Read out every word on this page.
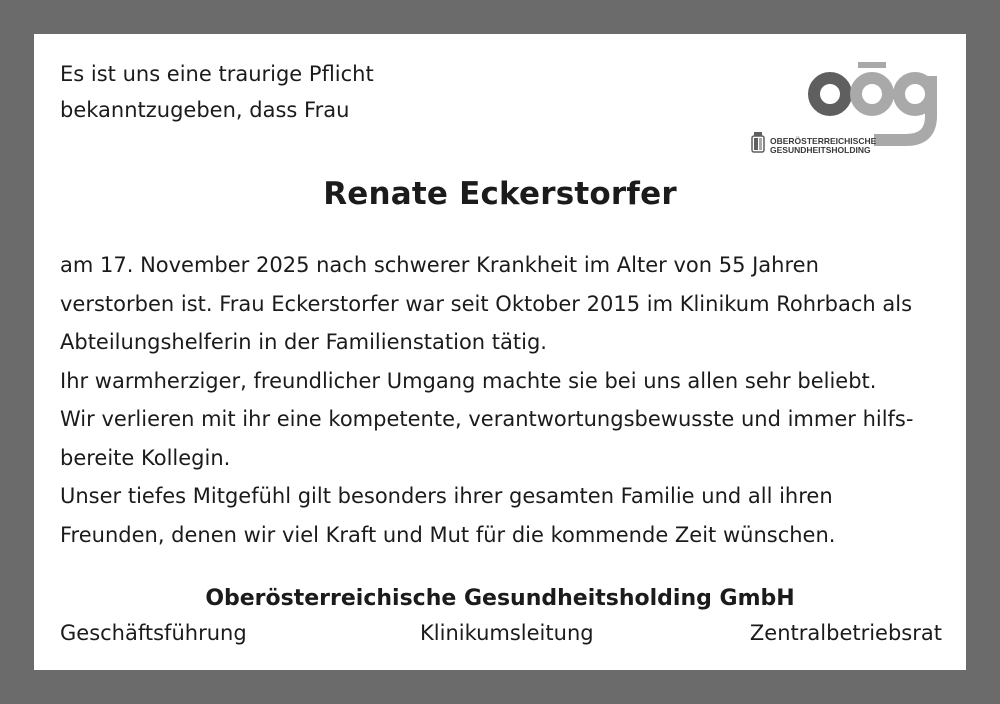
Es ist uns eine traurige Pflicht
bekanntzugeben, dass Frau
OBERÖSTERREICHISCHE
GESUNDHEITSHOLDING
Renate Eckerstorfer
am 17. November 2025 nach schwerer Krankheit im Alter von 55 Jahren
verstorben ist. Frau Eckerstorfer war seit Oktober 2015 im Klinikum Rohrbach als
Abteilungshelferin in der Familienstation tätig.
Ihr warmherziger, freundlicher Umgang machte sie bei uns allen sehr beliebt.
Wir verlieren mit ihr eine kompetente, verantwortungsbewusste und immer hilfs-
bereite Kollegin.
Unser tiefes Mitgefühl gilt besonders ihrer gesamten Familie und all ihren
Freunden, denen wir viel Kraft und Mut für die kommende Zeit wünschen.
Oberösterreichische Gesundheitsholding GmbH
Geschäftsführung	Klinikumsleitung	Zentralbetriebsrat
